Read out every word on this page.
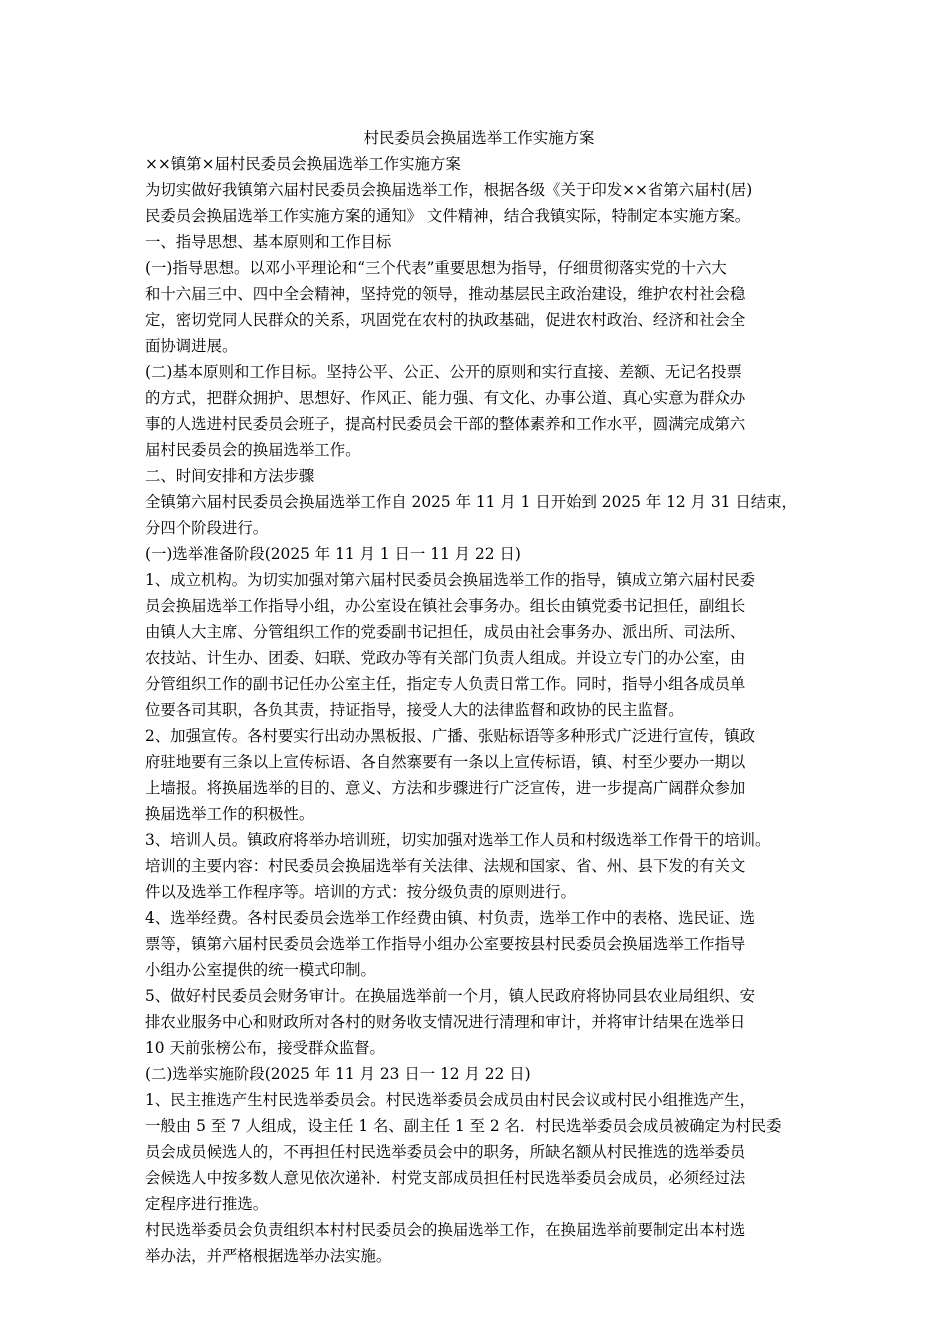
村民委员会换届选举工作实施方案

××镇第×届村民委员会换届选举工作实施方案
为切实做好我镇第六届村民委员会换届选举工作，根据各级《关于印发××省第六届村(居)
民委员会换届选举工作实施方案的通知》 文件精神，结合我镇实际，特制定本实施方案。
一、指导思想、基本原则和工作目标
(一)指导思想。以邓小平理论和“三个代表”重要思想为指导，仔细贯彻落实党的十六大
和十六届三中、四中全会精神，坚持党的领导，推动基层民主政治建设，维护农村社会稳
定，密切党同人民群众的关系，巩固党在农村的执政基础，促进农村政治、经济和社会全
面协调进展。
(二)基本原则和工作目标。坚持公平、公正、公开的原则和实行直接、差额、无记名投票
的方式，把群众拥护、思想好、作风正、能力强、有文化、办事公道、真心实意为群众办
事的人选进村民委员会班子，提高村民委员会干部的整体素养和工作水平，圆满完成第六
届村民委员会的换届选举工作。
二、时间安排和方法步骤
全镇第六届村民委员会换届选举工作自 2025 年 11 月 1 日开始到 2025 年 12 月 31 日结束，
分四个阶段进行。
(一)选举准备阶段(2025 年 11 月 1 日一 11 月 22 日)
1、成立机构。为切实加强对第六届村民委员会换届选举工作的指导，镇成立第六届村民委
员会换届选举工作指导小组，办公室设在镇社会事务办。组长由镇党委书记担任，副组长
由镇人大主席、分管组织工作的党委副书记担任，成员由社会事务办、派出所、司法所、
农技站、计生办、团委、妇联、党政办等有关部门负责人组成。并设立专门的办公室，由
分管组织工作的副书记任办公室主任，指定专人负责日常工作。同时，指导小组各成员单
位要各司其职，各负其责，持证指导，接受人大的法律监督和政协的民主监督。
2、加强宣传。各村要实行出动办黑板报、广播、张贴标语等多种形式广泛进行宣传，镇政
府驻地要有三条以上宣传标语、各自然寨要有一条以上宣传标语，镇、村至少要办一期以
上墙报。将换届选举的目的、意义、方法和步骤进行广泛宣传，进一步提高广阔群众参加
换届选举工作的积极性。
3、培训人员。镇政府将举办培训班，切实加强对选举工作人员和村级选举工作骨干的培训。
培训的主要内容：村民委员会换届选举有关法律、法规和国家、省、州、县下发的有关文
件以及选举工作程序等。培训的方式：按分级负责的原则进行。
4、选举经费。各村民委员会选举工作经费由镇、村负责，选举工作中的表格、选民证、选
票等，镇第六届村民委员会选举工作指导小组办公室要按县村民委员会换届选举工作指导
小组办公室提供的统一模式印制。
5、做好村民委员会财务审计。在换届选举前一个月，镇人民政府将协同县农业局组织、安
排农业服务中心和财政所对各村的财务收支情况进行清理和审计，并将审计结果在选举日
10 天前张榜公布，接受群众监督。
(二)选举实施阶段(2025 年 11 月 23 日一 12 月 22 日)
1、民主推选产生村民选举委员会。村民选举委员会成员由村民会议或村民小组推选产生，
一般由 5 至 7 人组成，设主任 1 名、副主任 1 至 2 名．村民选举委员会成员被确定为村民委
员会成员候选人的，不再担任村民选举委员会中的职务，所缺名额从村民推选的选举委员
会候选人中按多数人意见依次递补．村党支部成员担任村民选举委员会成员，必须经过法
定程序进行推选。
村民选举委员会负责组织本村村民委员会的换届选举工作，在换届选举前要制定出本村选
举办法，并严格根据选举办法实施。
